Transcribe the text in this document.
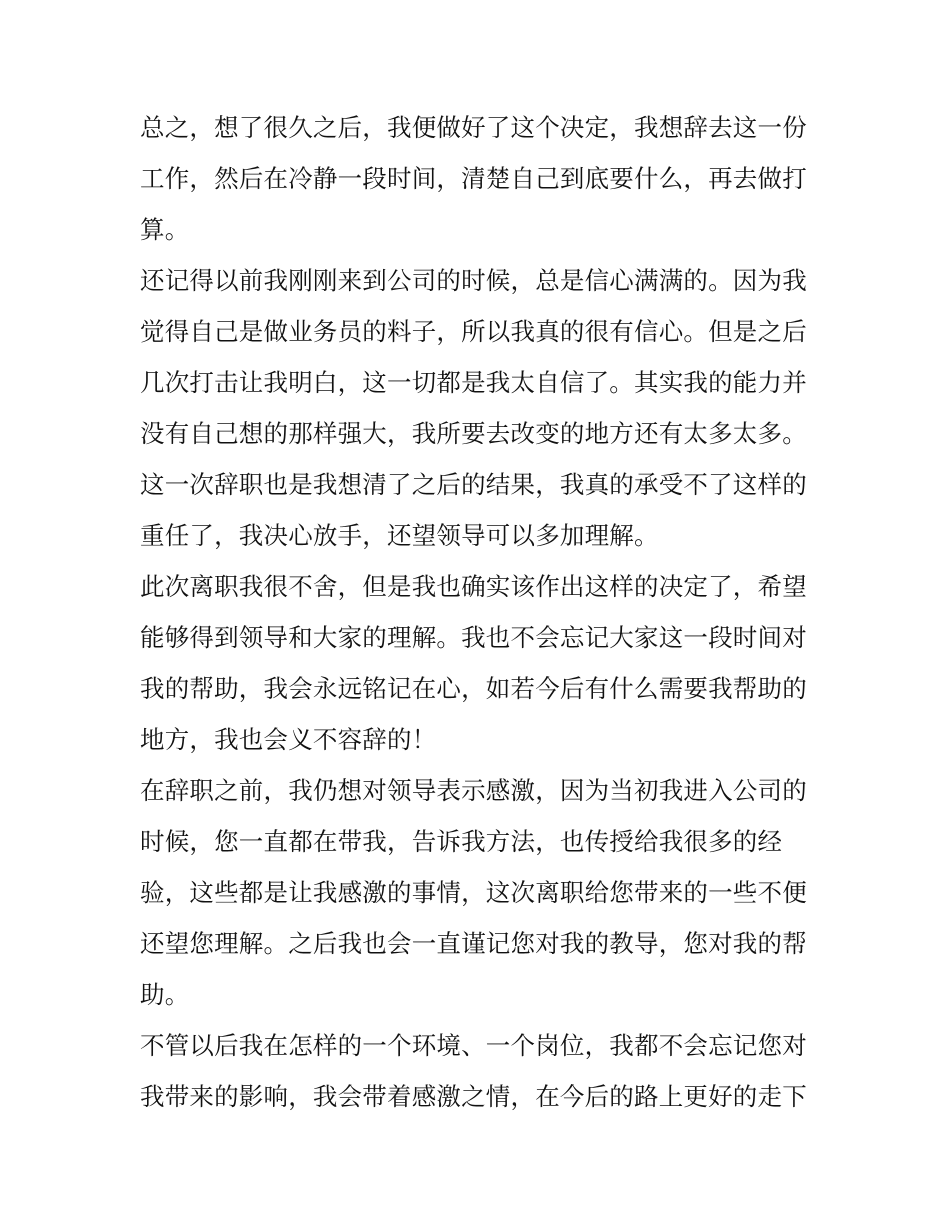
总之，想了很久之后，我便做好了这个决定，我想辞去这一份
工作，然后在冷静一段时间，清楚自己到底要什么，再去做打
算。
还记得以前我刚刚来到公司的时候，总是信心满满的。因为我
觉得自己是做业务员的料子，所以我真的很有信心。但是之后
几次打击让我明白，这一切都是我太自信了。其实我的能力并
没有自己想的那样强大，我所要去改变的地方还有太多太多。
这一次辞职也是我想清了之后的结果，我真的承受不了这样的
重任了，我决心放手，还望领导可以多加理解。
此次离职我很不舍，但是我也确实该作出这样的决定了，希望
能够得到领导和大家的理解。我也不会忘记大家这一段时间对
我的帮助，我会永远铭记在心，如若今后有什么需要我帮助的
地方，我也会义不容辞的！
在辞职之前，我仍想对领导表示感激，因为当初我进入公司的
时候，您一直都在带我，告诉我方法，也传授给我很多的经
验，这些都是让我感激的事情，这次离职给您带来的一些不便
还望您理解。之后我也会一直谨记您对我的教导，您对我的帮
助。
不管以后我在怎样的一个环境、一个岗位，我都不会忘记您对
我带来的影响，我会带着感激之情，在今后的路上更好的走下
